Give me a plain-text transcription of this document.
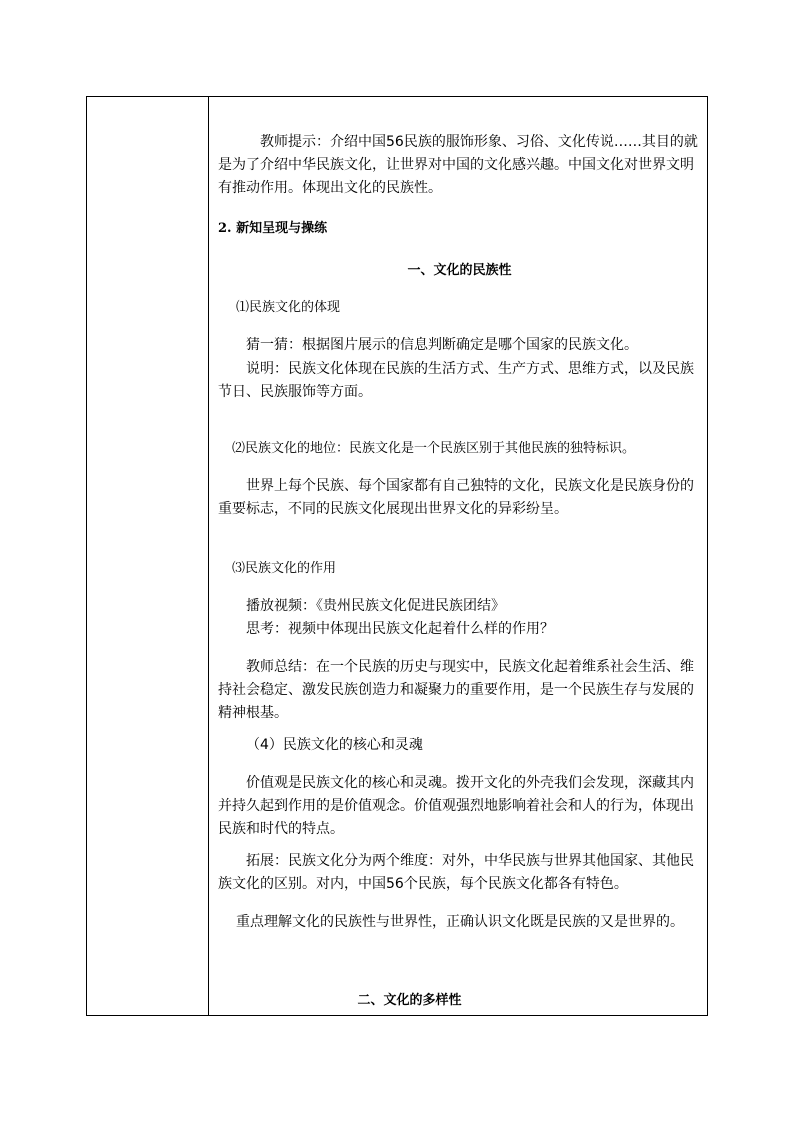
教师提示：介绍中国56民族的服饰形象、习俗、文化传说……其目的就是为了介绍中华民族文化，让世界对中国的文化感兴趣。中国文化对世界文明有推动作用。体现出文化的民族性。

2. 新知呈现与操练

一、文化的民族性

⑴民族文化的体现

猜一猜：根据图片展示的信息判断确定是哪个国家的民族文化。

说明：民族文化体现在民族的生活方式、生产方式、思维方式，以及民族节日、民族服饰等方面。

⑵民族文化的地位：民族文化是一个民族区别于其他民族的独特标识。

世界上每个民族、每个国家都有自己独特的文化，民族文化是民族身份的重要标志，不同的民族文化展现出世界文化的异彩纷呈。

⑶民族文化的作用

播放视频：《贵州民族文化促进民族团结》

思考：视频中体现出民族文化起着什么样的作用？

教师总结：在一个民族的历史与现实中，民族文化起着维系社会生活、维持社会稳定、激发民族创造力和凝聚力的重要作用，是一个民族生存与发展的精神根基。

（4）民族文化的核心和灵魂

价值观是民族文化的核心和灵魂。拨开文化的外壳我们会发现，深藏其内并持久起到作用的是价值观念。价值观强烈地影响着社会和人的行为，体现出民族和时代的特点。

拓展：民族文化分为两个维度：对外，中华民族与世界其他国家、其他民族文化的区别。对内，中国56个民族，每个民族文化都各有特色。

重点理解文化的民族性与世界性，正确认识文化既是民族的又是世界的。

二、文化的多样性
